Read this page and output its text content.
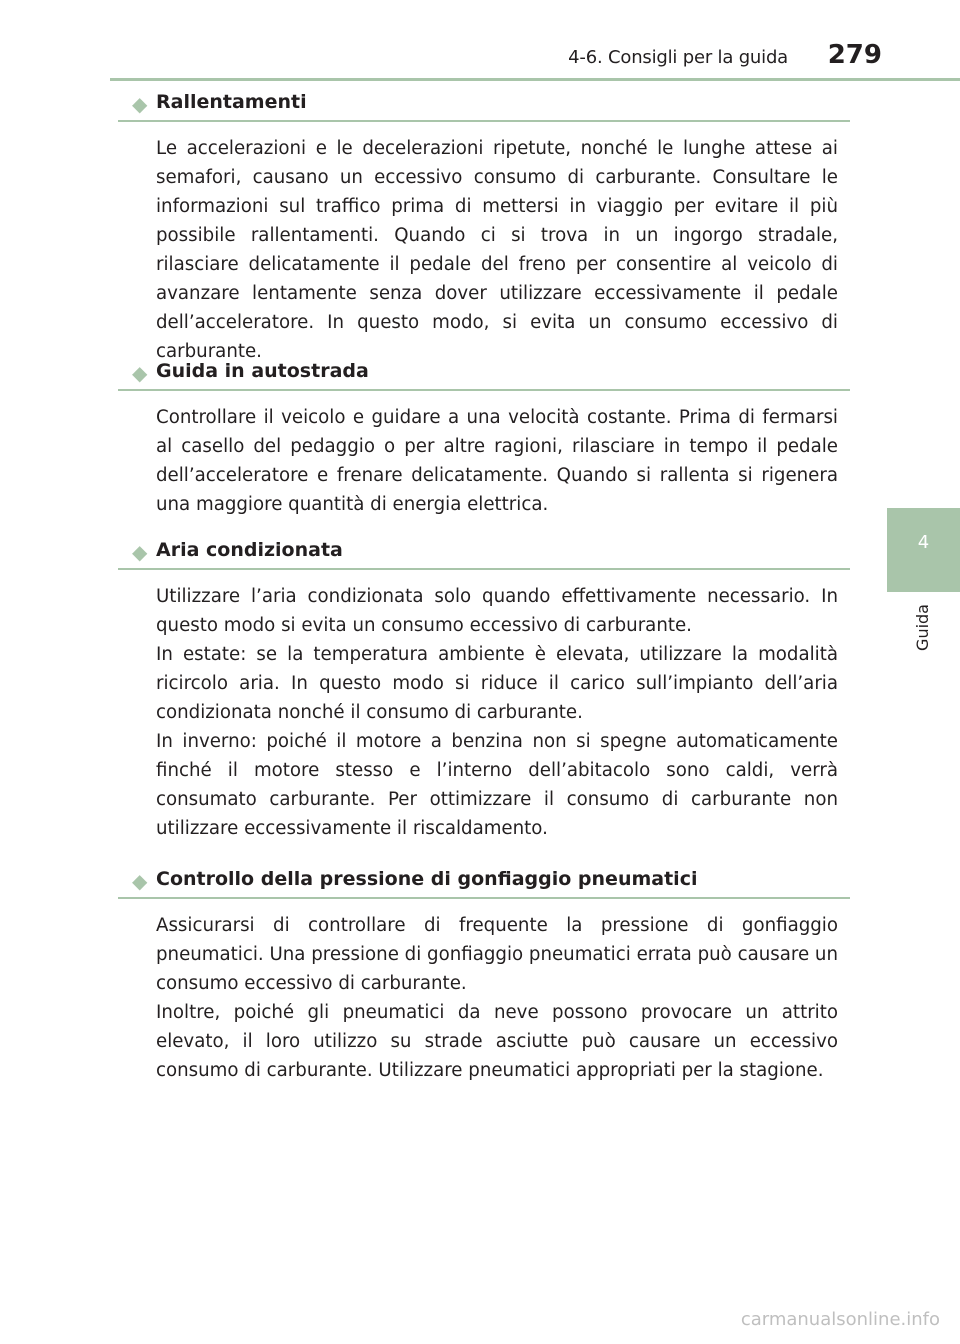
4-6. Consigli per la guida 279
4
Guida
◆ Rallentamenti

Le accelerazioni e le decelerazioni ripetute, nonché le lunghe attese ai semafori, causano un eccessivo consumo di carburante. Consultare le informazioni sul traffico prima di mettersi in viaggio per evitare il più possibile rallentamenti. Quando ci si trova in un ingorgo stradale, rilasciare delicatamente il pedale del freno per consentire al veicolo di avanzare lentamente senza dover utilizzare eccessivamente il pedale dell’acceleratore. In questo modo, si evita un consumo eccessivo di carburante.

◆ Guida in autostrada

Controllare il veicolo e guidare a una velocità costante. Prima di fermarsi al casello del pedaggio o per altre ragioni, rilasciare in tempo il pedale dell’acceleratore e frenare delicatamente. Quando si rallenta si rigenera una maggiore quantità di energia elettrica.

◆ Aria condizionata

Utilizzare l’aria condizionata solo quando effettivamente necessario. In questo modo si evita un consumo eccessivo di carburante.

In estate: se la temperatura ambiente è elevata, utilizzare la modalità ricircolo aria. In questo modo si riduce il carico sull’impianto dell’aria condizionata nonché il consumo di carburante.

In inverno: poiché il motore a benzina non si spegne automaticamente finché il motore stesso e l’interno dell’abitacolo sono caldi, verrà consumato carburante. Per ottimizzare il consumo di carburante non utilizzare eccessivamente il riscaldamento.

◆ Controllo della pressione di gonfiaggio pneumatici

Assicurarsi di controllare di frequente la pressione di gonfiaggio pneumatici. Una pressione di gonfiaggio pneumatici errata può causare un consumo eccessivo di carburante.

Inoltre, poiché gli pneumatici da neve possono provocare un attrito elevato, il loro utilizzo su strade asciutte può causare un eccessivo consumo di carburante. Utilizzare pneumatici appropriati per la stagione.

carmanualsonline.info
